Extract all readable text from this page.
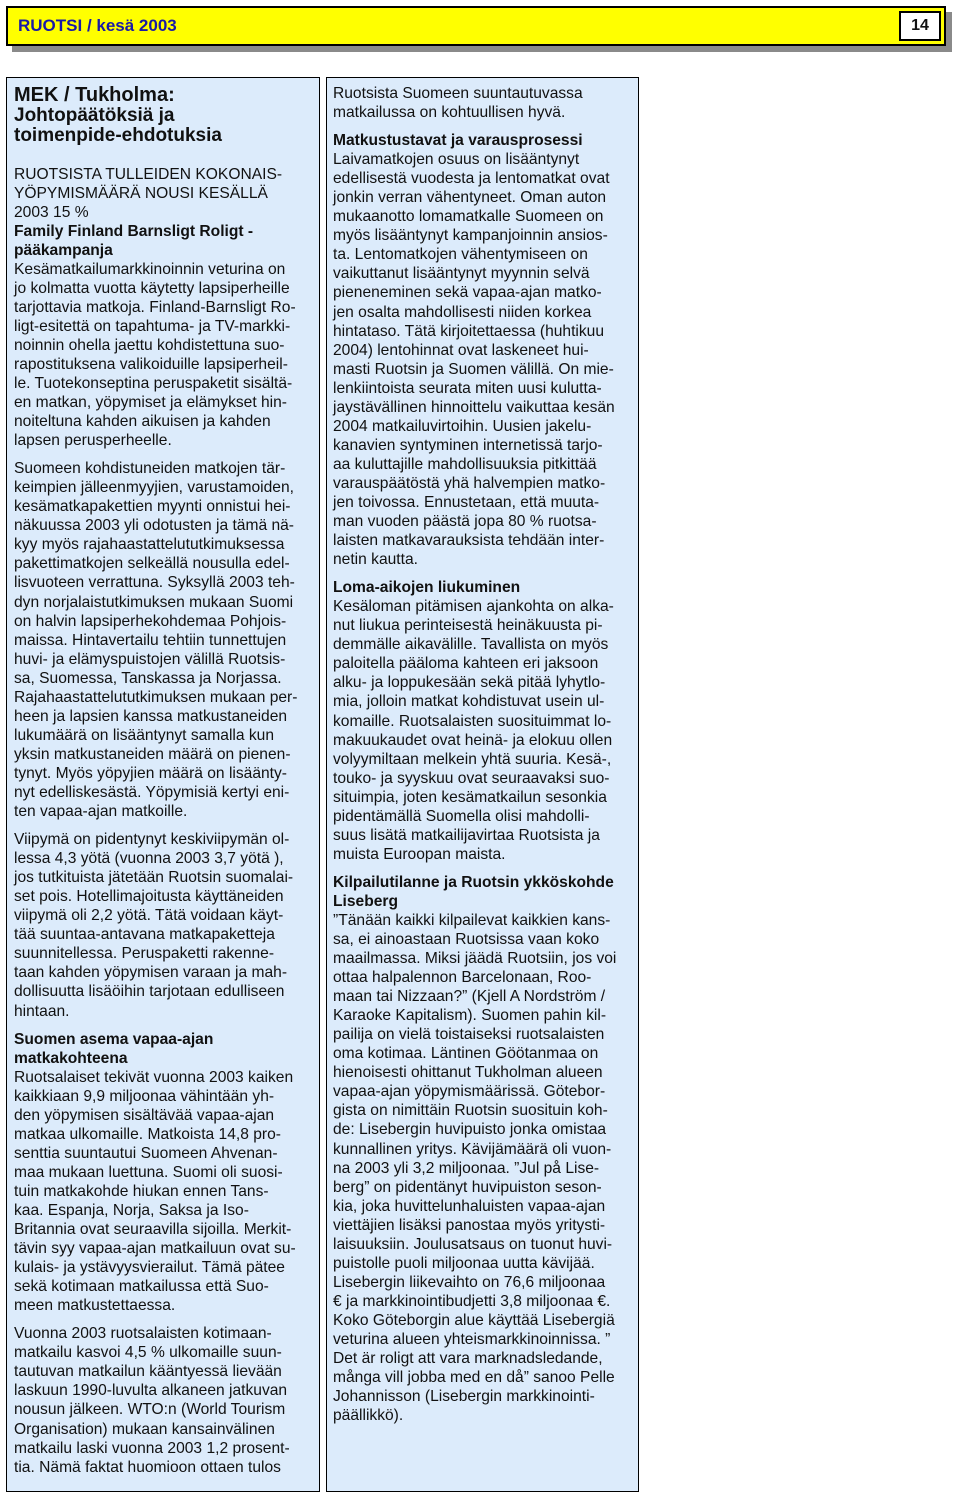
RUOTSI / kesä 2003	14
MEK / Tukholma:
Johtopäätöksiä ja
toimenpide-ehdotuksia
RUOTSISTA TULLEIDEN KOKONAIS-
YÖPYMISMÄÄRÄ NOUSI KESÄLLÄ
2003 15 %
Family Finland Barnsligt Roligt -
pääkampanja

Kesämatkailumarkkinoinnin veturina on
jo kolmatta vuotta käytetty lapsiperheille
tarjottavia matkoja. Finland-Barnsligt Ro-
ligt-esitettä on tapahtuma- ja TV-markki-
noinnin ohella jaettu kohdistettuna suo-
rapostituksena valikoiduille lapsiperheil-
le. Tuotekonseptina peruspaketit sisältä-
en matkan, yöpymiset ja elämykset hin-
noiteltuna kahden aikuisen ja kahden
lapsen perusperheelle.

Suomeen kohdistuneiden matkojen tär-
keimpien jälleenmyyjien, varustamoiden,
kesämatkapakettien myynti onnistui hei-
näkuussa 2003 yli odotusten ja tämä nä-
kyy myös rajahaastattelututkimuksessa
pakettimatkojen selkeällä nousulla edel-
lisvuoteen verrattuna. Syksyllä 2003 teh-
dyn norjalaistutkimuksen mukaan Suomi
on halvin lapsiperhekohdemaa Pohjois-
maissa. Hintavertailu tehtiin tunnettujen
huvi- ja elämyspuistojen välillä Ruotsis-
sa, Suomessa, Tanskassa ja Norjassa.
Rajahaastattelututkimuksen mukaan per-
heen ja lapsien kanssa matkustaneiden
lukumäärä on lisääntynyt samalla kun
yksin matkustaneiden määrä on pienen-
tynyt. Myös yöpyjien määrä on lisäänty-
nyt edelliskesästä. Yöpymisiä kertyi eni-
ten vapaa-ajan matkoille.

Viipymä on pidentynyt keskiviipymän ol-
lessa 4,3 yötä (vuonna 2003 3,7 yötä ),
jos tutkituista jätetään Ruotsin suomalai-
set pois. Hotellimajoitusta käyttäneiden
viipymä oli 2,2 yötä. Tätä voidaan käyt-
tää suuntaa-antavana matkapaketteja
suunnitellessa. Peruspaketti rakenne-
taan kahden yöpymisen varaan ja mah-
dollisuutta lisäöihin tarjotaan edulliseen
hintaan.

Suomen asema vapaa-ajan
matkakohteena

Ruotsalaiset tekivät vuonna 2003 kaiken
kaikkiaan 9,9 miljoonaa vähintään yh-
den yöpymisen sisältävää vapaa-ajan
matkaa ulkomaille. Matkoista 14,8 pro-
senttia suuntautui Suomeen Ahvenan-
maa mukaan luettuna. Suomi oli suosi-
tuin matkakohde hiukan ennen Tans-
kaa. Espanja, Norja, Saksa ja Iso-
Britannia ovat seuraavilla sijoilla. Merkit-
tävin syy vapaa-ajan matkailuun ovat su-
kulais- ja ystävyysvierailut. Tämä pätee
sekä kotimaan matkailussa että Suo-
meen matkustettaessa.

Vuonna 2003 ruotsalaisten kotimaan-
matkailu kasvoi 4,5 % ulkomaille suun-
tautuvan matkailun kääntyessä lievään
laskuun 1990-luvulta alkaneen jatkuvan
nousun jälkeen. WTO:n (World Tourism
Organisation) mukaan kansainvälinen
matkailu laski vuonna 2003 1,2 prosent-
tia. Nämä faktat huomioon ottaen tulos

Ruotsista Suomeen suuntautuvassa
matkailussa on kohtuullisen hyvä.

Matkustustavat ja varausprosessi

Laivamatkojen osuus on lisääntynyt
edellisestä vuodesta ja lentomatkat ovat
jonkin verran vähentyneet. Oman auton
mukaanotto lomamatkalle Suomeen on
myös lisääntynyt kampanjoinnin ansios-
ta. Lentomatkojen vähentymiseen on
vaikuttanut lisääntynyt myynnin selvä
pieneneminen sekä vapaa-ajan matko-
jen osalta mahdollisesti niiden korkea
hintataso. Tätä kirjoitettaessa (huhtikuu
2004) lentohinnat ovat laskeneet hui-
masti Ruotsin ja Suomen välillä. On mie-
lenkiintoista seurata miten uusi kulutta-
jaystävällinen hinnoittelu vaikuttaa kesän
2004 matkailuvirtoihin. Uusien jakelu-
kanavien syntyminen internetissä tarjo-
aa kuluttajille mahdollisuuksia pitkittää
varauspäätöstä yhä halvempien matko-
jen toivossa. Ennustetaan, että muuta-
man vuoden päästä jopa 80 % ruotsa-
laisten matkavarauksista tehdään inter-
netin kautta.

Loma-aikojen liukuminen

Kesäloman pitämisen ajankohta on alka-
nut liukua perinteisestä heinäkuusta pi-
demmälle aikavälille. Tavallista on myös
paloitella pääloma kahteen eri jaksoon
alku- ja loppukesään sekä pitää lyhytlo-
mia, jolloin matkat kohdistuvat usein ul-
komaille. Ruotsalaisten suosituimmat lo-
makuukaudet ovat heinä- ja elokuu ollen
volyymiltaan melkein yhtä suuria. Kesä-,
touko- ja syyskuu ovat seuraavaksi suo-
situimpia, joten kesämatkailun sesonkia
pidentämällä Suomella olisi mahdolli-
suus lisätä matkailijavirtaa Ruotsista ja
muista Euroopan maista.

Kilpailutilanne ja Ruotsin ykköskohde
Liseberg

”Tänään kaikki kilpailevat kaikkien kans-
sa, ei ainoastaan Ruotsissa vaan koko
maailmassa. Miksi jäädä Ruotsiin, jos voi
ottaa halpalennon Barcelonaan, Roo-
maan tai Nizzaan?” (Kjell A Nordström /
Karaoke Kapitalism). Suomen pahin kil-
pailija on vielä toistaiseksi ruotsalaisten
oma kotimaa. Läntinen Göötanmaa on
hienoisesti ohittanut Tukholman alueen
vapaa-ajan yöpymismäärissä. Götebor-
gista on nimittäin Ruotsin suosituin koh-
de: Lisebergin huvipuisto jonka omistaa
kunnallinen yritys. Kävijämäärä oli vuon-
na 2003 yli 3,2 miljoonaa. ”Jul på Lise-
berg” on pidentänyt huvipuiston seson-
kia, joka huvittelunhaluisten vapaa-ajan
viettäjien lisäksi panostaa myös yritysti-
laisuuksiin. Joulusatsaus on tuonut huvi-
puistolle puoli miljoonaa uutta kävijää.
Lisebergin liikevaihto on 76,6 miljoonaa
€ ja markkinointibudjetti 3,8 miljoonaa €.
Koko Göteborgin alue käyttää Lisebergiä
veturina alueen yhteismarkkinoinnissa. ”
Det är roligt att vara marknadsledande,
många vill jobba med en då” sanoo Pelle
Johannisson (Lisebergin markkinointi-
päällikkö).
